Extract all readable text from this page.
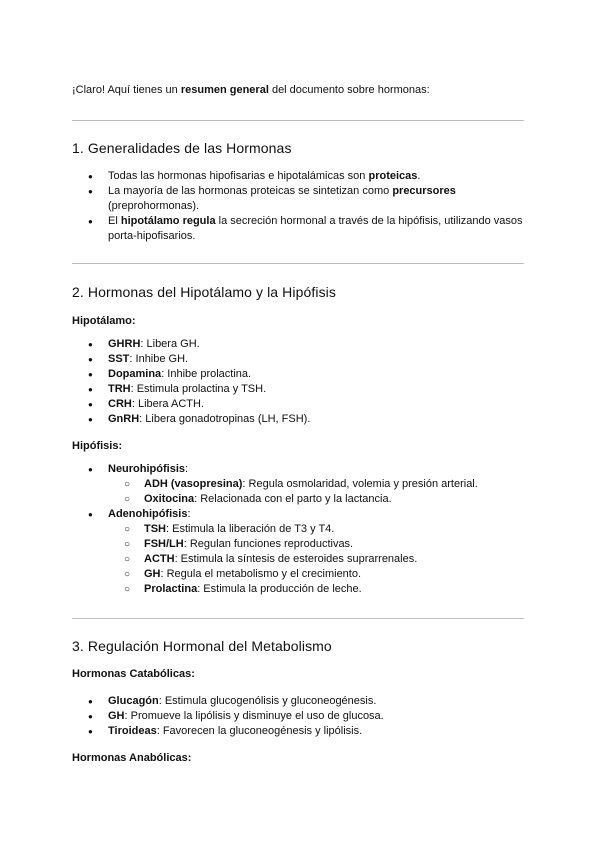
¡Claro! Aquí tienes un resumen general del documento sobre hormonas:

1. Generalidades de las Hormonas
● Todas las hormonas hipofisarias e hipotalámicas son proteicas.
● La mayoría de las hormonas proteicas se sintetizan como precursores (preprohormonas).
● El hipotálamo regula la secreción hormonal a través de la hipófisis, utilizando vasos porta-hipofisarios.
2. Hormonas del Hipotálamo y la Hipófisis
Hipotálamo:
● GHRH: Libera GH.
● SST: Inhibe GH.
● Dopamina: Inhibe prolactina.
● TRH: Estimula prolactina y TSH.
● CRH: Libera ACTH.
● GnRH: Libera gonadotropinas (LH, FSH).
Hipófisis:
● Neurohipófisis:
○ ADH (vasopresina): Regula osmolaridad, volemia y presión arterial.
○ Oxitocina: Relacionada con el parto y la lactancia.
● Adenohipófisis:
○ TSH: Estimula la liberación de T3 y T4.
○ FSH/LH: Regulan funciones reproductivas.
○ ACTH: Estimula la síntesis de esteroides suprarrenales.
○ GH: Regula el metabolismo y el crecimiento.
○ Prolactina: Estimula la producción de leche.
3. Regulación Hormonal del Metabolismo
Hormonas Catabólicas:
● Glucagón: Estimula glucogenólisis y gluconeogénesis.
● GH: Promueve la lipólisis y disminuye el uso de glucosa.
● Tiroideas: Favorecen la gluconeogénesis y lipólisis.
Hormonas Anabólicas:
